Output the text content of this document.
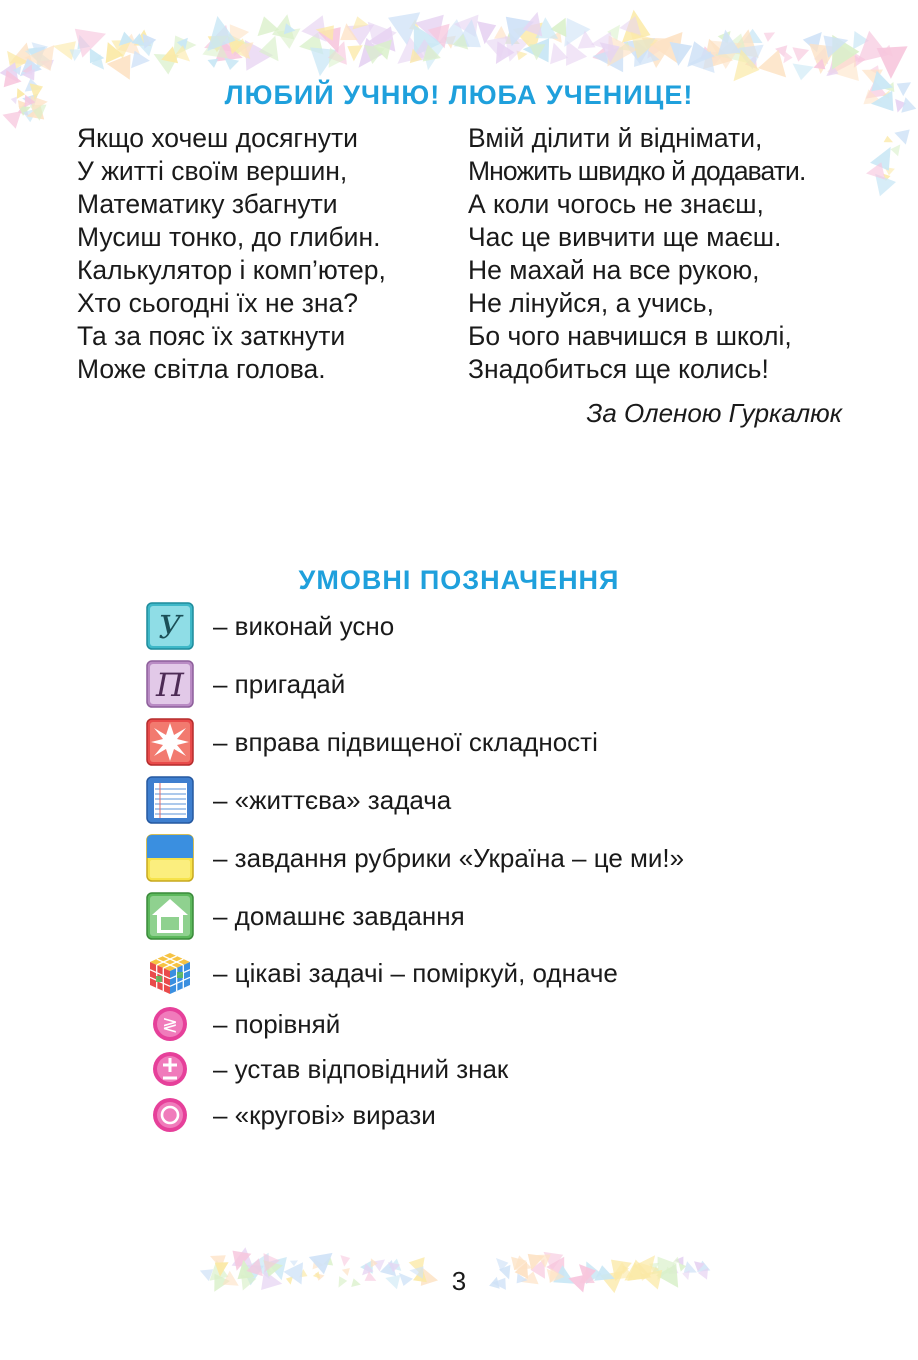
ЛЮБИЙ УЧНЮ! ЛЮБА УЧЕНИЦЕ!
Якщо хочеш досягнути
У житті своїм вершин,
Математику збагнути
Мусиш тонко, до глибин.
Калькулятор і комп’ютер,
Хто сьогодні їх не зна?
Та за пояс їх заткнути
Може світла голова.
Вмій ділити й віднімати,
Множить швидко й додавати.
А коли чогось не знаєш,
Час це вивчити ще маєш.
Не махай на все рукою,
Не лінуйся, а учись,
Бо чого навчишся в школі,
Знадобиться ще колись!
За Оленою Гуркалюк
УМОВНІ ПОЗНАЧЕННЯ
У – виконай усно
П – пригадай
– вправа підвищеної складності
– «життєва» задача
– завдання рубрики «Україна – це ми!»
– домашнє завдання
– цікаві задачі – поміркуй, одначе
≷ – порівняй
– устав відповідний знак
– «кругові» вирази
3
